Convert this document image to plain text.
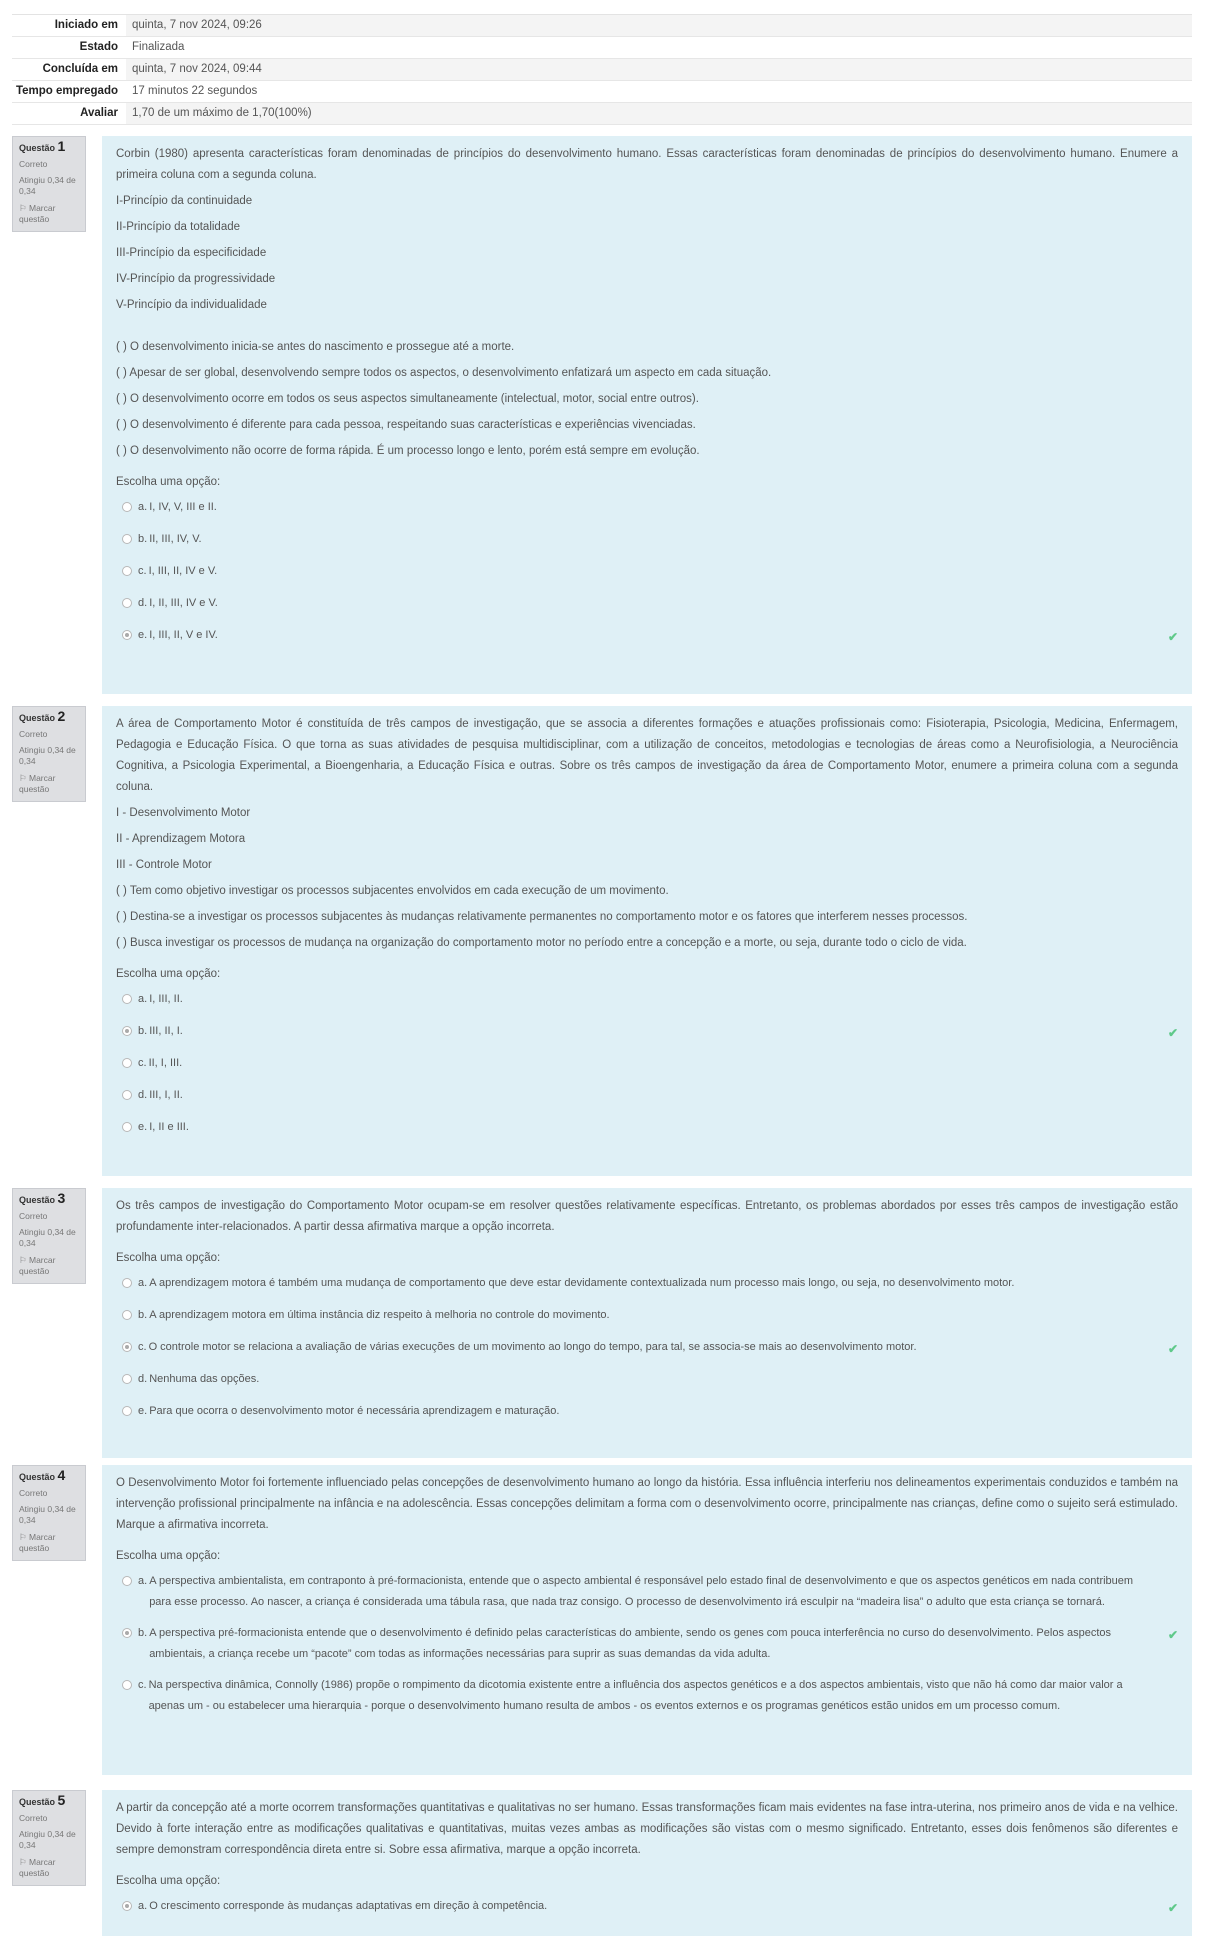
Iniciado em	quinta, 7 nov 2024, 09:26
Estado	Finalizada
Concluída em	quinta, 7 nov 2024, 09:44
Tempo empregado	17 minutos 22 segundos
Avaliar	1,70 de um máximo de 1,70(100%)
Questão 1
Correto
Atingiu 0,34 de 0,34
⚐ Marcar questão

Corbin (1980) apresenta características foram denominadas de princípios do desenvolvimento humano. Essas características foram denominadas de princípios do desenvolvimento humano. Enumere a primeira coluna com a segunda coluna.

I-Princípio da continuidade

II-Princípio da totalidade

III-Princípio da especificidade

IV-Princípio da progressividade

V-Princípio da individualidade

( ) O desenvolvimento inicia-se antes do nascimento e prossegue até a morte.

( ) Apesar de ser global, desenvolvendo sempre todos os aspectos, o desenvolvimento enfatizará um aspecto em cada situação.

( ) O desenvolvimento ocorre em todos os seus aspectos simultaneamente (intelectual, motor, social entre outros).

( ) O desenvolvimento é diferente para cada pessoa, respeitando suas características e experiências vivenciadas.

( ) O desenvolvimento não ocorre de forma rápida. É um processo longo e lento, porém está sempre em evolução.

Escolha uma opção:
a. I, IV, V, III e II.
b. II, III, IV, V.
c. I, III, II, IV e V.
d. I, II, III, IV e V.
e. I, III, II, V e IV.	✔
Questão 2
Correto
Atingiu 0,34 de 0,34
⚐ Marcar questão

A área de Comportamento Motor é constituída de três campos de investigação, que se associa a diferentes formações e atuações profissionais como: Fisioterapia, Psicologia, Medicina, Enfermagem, Pedagogia e Educação Física. O que torna as suas atividades de pesquisa multidisciplinar, com a utilização de conceitos, metodologias e tecnologias de áreas como a Neurofisiologia, a Neurociência Cognitiva, a Psicologia Experimental, a Bioengenharia, a Educação Física e outras. Sobre os três campos de investigação da área de Comportamento Motor, enumere a primeira coluna com a segunda coluna.

I - Desenvolvimento Motor

II - Aprendizagem Motora

III - Controle Motor

( ) Tem como objetivo investigar os processos subjacentes envolvidos em cada execução de um movimento.

( ) Destina-se a investigar os processos subjacentes às mudanças relativamente permanentes no comportamento motor e os fatores que interferem nesses processos.

( ) Busca investigar os processos de mudança na organização do comportamento motor no período entre a concepção e a morte, ou seja, durante todo o ciclo de vida.

Escolha uma opção:
a. I, III, II.
b. III, II, I.	✔
c. II, I, III.
d. III, I, II.
e. I, II e III.
Questão 3
Correto
Atingiu 0,34 de 0,34
⚐ Marcar questão

Os três campos de investigação do Comportamento Motor ocupam-se em resolver questões relativamente específicas. Entretanto, os problemas abordados por esses três campos de investigação estão profundamente inter-relacionados. A partir dessa afirmativa marque a opção incorreta.

Escolha uma opção:
a. A aprendizagem motora é também uma mudança de comportamento que deve estar devidamente contextualizada num processo mais longo, ou seja, no desenvolvimento motor.
b. A aprendizagem motora em última instância diz respeito à melhoria no controle do movimento.
c. O controle motor se relaciona a avaliação de várias execuções de um movimento ao longo do tempo, para tal, se associa-se mais ao desenvolvimento motor.	✔
d. Nenhuma das opções.
e. Para que ocorra o desenvolvimento motor é necessária aprendizagem e maturação.
Questão 4
Correto
Atingiu 0,34 de 0,34
⚐ Marcar questão

O Desenvolvimento Motor foi fortemente influenciado pelas concepções de desenvolvimento humano ao longo da história. Essa influência interferiu nos delineamentos experimentais conduzidos e também na intervenção profissional principalmente na infância e na adolescência. Essas concepções delimitam a forma com o desenvolvimento ocorre, principalmente nas crianças, define como o sujeito será estimulado. Marque a afirmativa incorreta.

Escolha uma opção:
a. A perspectiva ambientalista, em contraponto à pré-formacionista, entende que o aspecto ambiental é responsável pelo estado final de desenvolvimento e que os aspectos genéticos em nada contribuem para esse processo. Ao nascer, a criança é considerada uma tábula rasa, que nada traz consigo. O processo de desenvolvimento irá esculpir na “madeira lisa” o adulto que esta criança se tornará.
b. A perspectiva pré-formacionista entende que o desenvolvimento é definido pelas características do ambiente, sendo os genes com pouca interferência no curso do desenvolvimento. Pelos aspectos ambientais, a criança recebe um “pacote” com todas as informações necessárias para suprir as suas demandas da vida adulta.
✔
c. Na perspectiva dinâmica, Connolly (1986) propõe o rompimento da dicotomia existente entre a influência dos aspectos genéticos e a dos aspectos ambientais, visto que não há como dar maior valor a apenas um - ou estabelecer uma hierarquia - porque o desenvolvimento humano resulta de ambos - os eventos externos e os programas genéticos estão unidos em um processo comum.
Questão 5
Correto
Atingiu 0,34 de 0,34
⚐ Marcar questão

A partir da concepção até a morte ocorrem transformações quantitativas e qualitativas no ser humano. Essas transformações ficam mais evidentes na fase intra-uterina, nos primeiro anos de vida e na velhice. Devido à forte interação entre as modificações qualitativas e quantitativas, muitas vezes ambas as modificações são vistas com o mesmo significado. Entretanto, esses dois fenômenos são diferentes e sempre demonstram correspondência direta entre si. Sobre essa afirmativa, marque a opção incorreta.

Escolha uma opção:
a. O crescimento corresponde às mudanças adaptativas em direção à competência.	✔
